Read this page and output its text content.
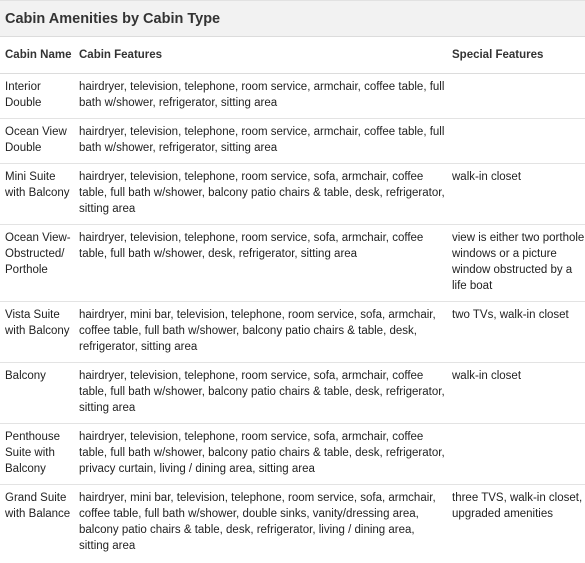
Cabin Amenities by Cabin Type
Cabin Name	Cabin Features	Special Features
Interior Double	hairdryer, television, telephone, room service, armchair, coffee table, full bath w/shower, refrigerator, sitting area	
Ocean View Double	hairdryer, television, telephone, room service, armchair, coffee table, full bath w/shower, refrigerator, sitting area	
Mini Suite with Balcony	hairdryer, television, telephone, room service, sofa, armchair, coffee table, full bath w/shower, balcony patio chairs & table, desk, refrigerator, sitting area	walk-in closet
Ocean View-Obstructed/ Porthole	hairdryer, television, telephone, room service, sofa, armchair, coffee table, full bath w/shower, desk, refrigerator, sitting area	view is either two porthole windows or a picture window obstructed by a life boat
Vista Suite with Balcony	hairdryer, mini bar, television, telephone, room service, sofa, armchair, coffee table, full bath w/shower, balcony patio chairs & table, desk, refrigerator, sitting area	two TVs, walk-in closet
Balcony	hairdryer, television, telephone, room service, sofa, armchair, coffee table, full bath w/shower, balcony patio chairs & table, desk, refrigerator, sitting area	walk-in closet
Penthouse Suite with Balcony	hairdryer, television, telephone, room service, sofa, armchair, coffee table, full bath w/shower, balcony patio chairs & table, desk, refrigerator, privacy curtain, living / dining area, sitting area	
Grand Suite with Balance	hairdryer, mini bar, television, telephone, room service, sofa, armchair, coffee table, full bath w/shower, double sinks, vanity/dressing area, balcony patio chairs & table, desk, refrigerator, living / dining area, sitting area	three TVS, walk-in closet, upgraded amenities
